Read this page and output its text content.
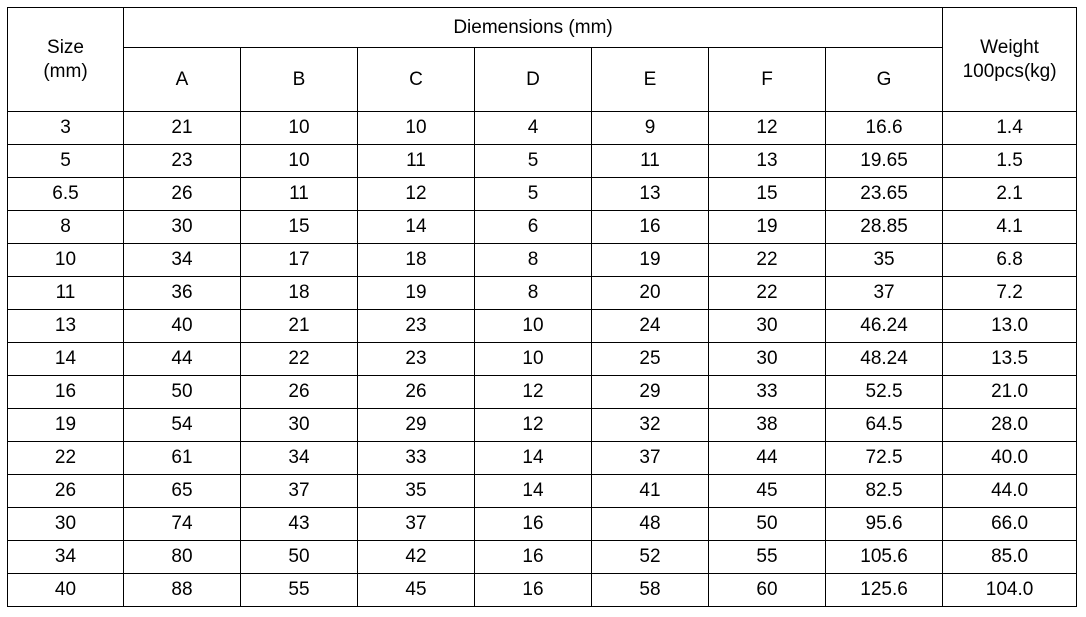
Size
(mm)	Diemensions (mm)							Weight
100pcs(kg)

	A	B	C	D	E	F	G	
3	21	10	10	4	9	12	16.6	1.4
5	23	10	11	5	11	13	19.65	1.5
6.5	26	11	12	5	13	15	23.65	2.1
8	30	15	14	6	16	19	28.85	4.1
10	34	17	18	8	19	22	35	6.8
11	36	18	19	8	20	22	37	7.2
13	40	21	23	10	24	30	46.24	13.0
14	44	22	23	10	25	30	48.24	13.5
16	50	26	26	12	29	33	52.5	21.0
19	54	30	29	12	32	38	64.5	28.0
22	61	34	33	14	37	44	72.5	40.0
26	65	37	35	14	41	45	82.5	44.0
30	74	43	37	16	48	50	95.6	66.0
34	80	50	42	16	52	55	105.6	85.0
40	88	55	45	16	58	60	125.6	104.0
